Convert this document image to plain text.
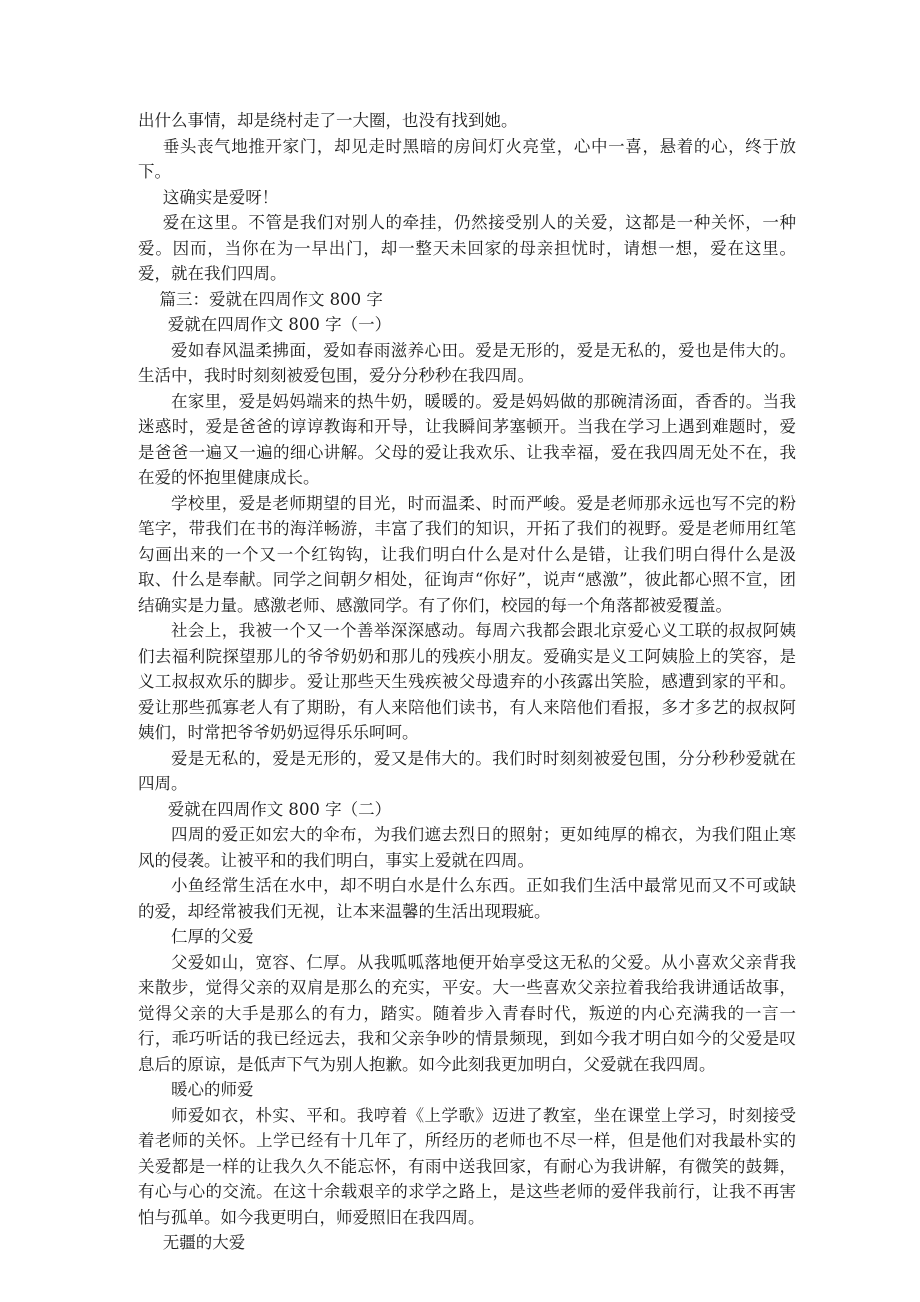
出什么事情，却是绕村走了一大圈，也没有找到她。

垂头丧气地推开家门，却见走时黑暗的房间灯火亮堂，心中一喜，悬着的心，终于放下。

这确实是爱呀！

爱在这里。不管是我们对别人的牵挂，仍然接受别人的关爱，这都是一种关怀，一种爱。因而，当你在为一早出门，却一整天未回家的母亲担忧时，请想一想，爱在这里。爱，就在我们四周。

篇三：爱就在四周作文 800 字

爱就在四周作文 800 字（一）

爱如春风温柔拂面，爱如春雨滋养心田。爱是无形的，爱是无私的，爱也是伟大的。生活中，我时时刻刻被爱包围，爱分分秒秒在我四周。

在家里，爱是妈妈端来的热牛奶，暖暖的。爱是妈妈做的那碗清汤面，香香的。当我迷惑时，爱是爸爸的谆谆教诲和开导，让我瞬间茅塞顿开。当我在学习上遇到难题时，爱是爸爸一遍又一遍的细心讲解。父母的爱让我欢乐、让我幸福，爱在我四周无处不在，我在爱的怀抱里健康成长。

学校里，爱是老师期望的目光，时而温柔、时而严峻。爱是老师那永远也写不完的粉笔字，带我们在书的海洋畅游，丰富了我们的知识，开拓了我们的视野。爱是老师用红笔勾画出来的一个又一个红钩钩，让我们明白什么是对什么是错，让我们明白得什么是汲取、什么是奉献。同学之间朝夕相处，征询声“你好”，说声“感激”，彼此都心照不宣，团结确实是力量。感激老师、感激同学。有了你们，校园的每一个角落都被爱覆盖。

社会上，我被一个又一个善举深深感动。每周六我都会跟北京爱心义工联的叔叔阿姨们去福利院探望那儿的爷爷奶奶和那儿的残疾小朋友。爱确实是义工阿姨脸上的笑容，是义工叔叔欢乐的脚步。爱让那些天生残疾被父母遗弃的小孩露出笑脸，感遭到家的平和。爱让那些孤寡老人有了期盼，有人来陪他们读书，有人来陪他们看报，多才多艺的叔叔阿姨们，时常把爷爷奶奶逗得乐乐呵呵。

爱是无私的，爱是无形的，爱又是伟大的。我们时时刻刻被爱包围，分分秒秒爱就在四周。

爱就在四周作文 800 字（二）

四周的爱正如宏大的伞布，为我们遮去烈日的照射；更如纯厚的棉衣，为我们阻止寒风的侵袭。让被平和的我们明白，事实上爱就在四周。

小鱼经常生活在水中，却不明白水是什么东西。正如我们生活中最常见而又不可或缺的爱，却经常被我们无视，让本来温馨的生活出现瑕疵。

仁厚的父爱

父爱如山，宽容、仁厚。从我呱呱落地便开始享受这无私的父爱。从小喜欢父亲背我来散步，觉得父亲的双肩是那么的充实，平安。大一些喜欢父亲拉着我给我讲通话故事，觉得父亲的大手是那么的有力，踏实。随着步入青春时代，叛逆的内心充满我的一言一行，乖巧听话的我已经远去，我和父亲争吵的情景频现，到如今我才明白如今的父爱是叹息后的原谅，是低声下气为别人抱歉。如今此刻我更加明白，父爱就在我四周。

暖心的师爱

师爱如衣，朴实、平和。我哼着《上学歌》迈进了教室，坐在课堂上学习，时刻接受着老师的关怀。上学已经有十几年了，所经历的老师也不尽一样，但是他们对我最朴实的关爱都是一样的让我久久不能忘怀，有雨中送我回家，有耐心为我讲解，有微笑的鼓舞，有心与心的交流。在这十余载艰辛的求学之路上，是这些老师的爱伴我前行，让我不再害怕与孤单。如今我更明白，师爱照旧在我四周。

无疆的大爱
